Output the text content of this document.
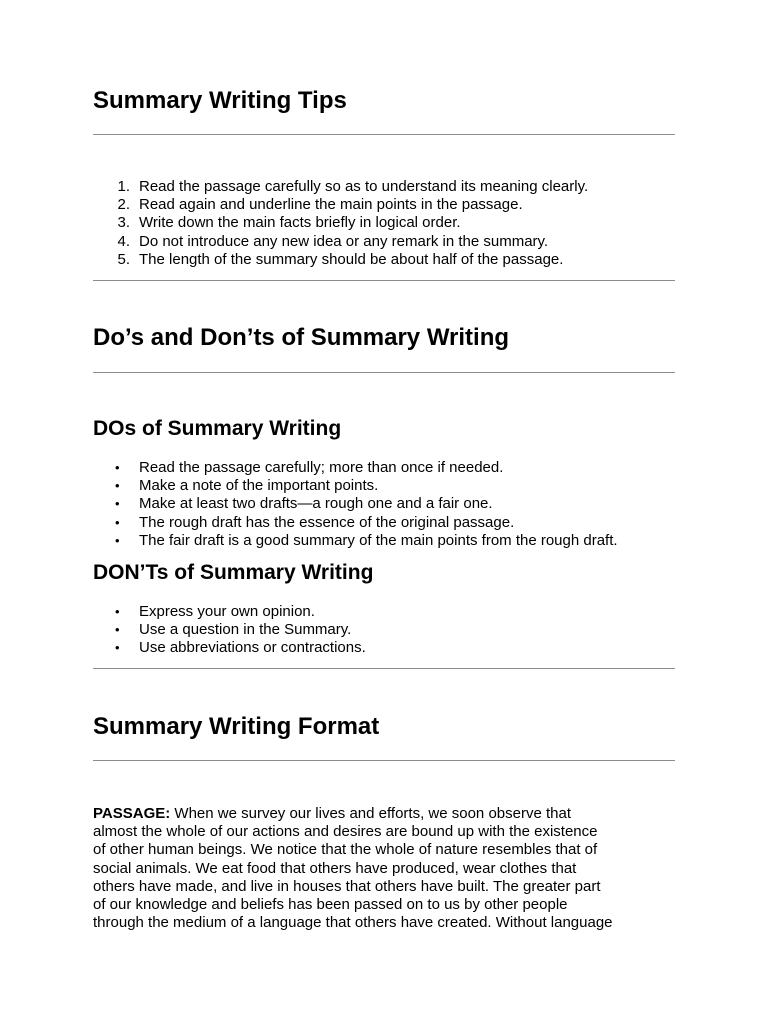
Summary Writing Tips
1. Read the passage carefully so as to understand its meaning clearly.
2. Read again and underline the main points in the passage.
3. Write down the main facts briefly in logical order.
4. Do not introduce any new idea or any remark in the summary.
5. The length of the summary should be about half of the passage.
Do’s and Don’ts of Summary Writing
DOs of Summary Writing
• Read the passage carefully; more than once if needed.
• Make a note of the important points.
• Make at least two drafts—a rough one and a fair one.
• The rough draft has the essence of the original passage.
• The fair draft is a good summary of the main points from the rough draft.
DON’Ts of Summary Writing
• Express your own opinion.
• Use a question in the Summary.
• Use abbreviations or contractions.
Summary Writing Format
PASSAGE: When we survey our lives and efforts, we soon observe that
almost the whole of our actions and desires are bound up with the existence
of other human beings. We notice that the whole of nature resembles that of
social animals. We eat food that others have produced, wear clothes that
others have made, and live in houses that others have built. The greater part
of our knowledge and beliefs has been passed on to us by other people
through the medium of a language that others have created. Without language
